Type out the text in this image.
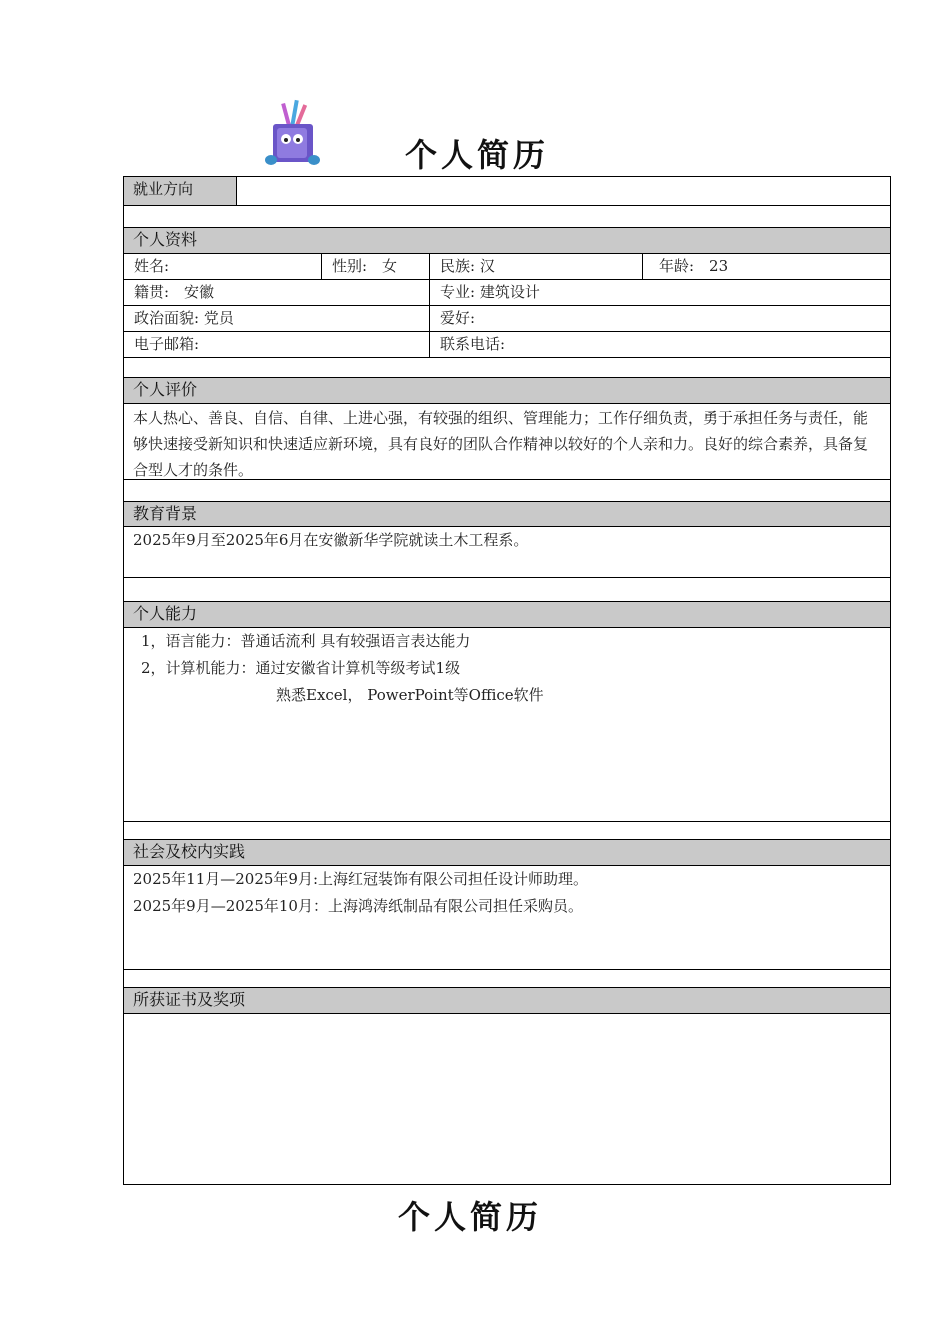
个人简历
就业方向
个人资料
姓名:	性别:　女	民族: 汉	年龄:　23
籍贯:　安徽	专业: 建筑设计
政治面貌: 党员	爱好:
电子邮箱:	联系电话:
个人评价
本人热心、善良、自信、自律、上进心强，有较强的组织、管理能力；工作仔细负责，勇于承担任务与责任，能够快速接受新知识和快速适应新环境，具有良好的团队合作精神以较好的个人亲和力。良好的综合素养，具备复合型人才的条件。
教育背景
2025年9月至2025年6月在安徽新华学院就读土木工程系。
个人能力
1，语言能力：普通话流利 具有较强语言表达能力
2，计算机能力：通过安徽省计算机等级考试1级
熟悉Excel， PowerPoint等Office软件
社会及校内实践
2025年11月—2025年9月:上海红冠装饰有限公司担任设计师助理。
2025年9月—2025年10月：上海鸿涛纸制品有限公司担任采购员。
所获证书及奖项
个人简历
